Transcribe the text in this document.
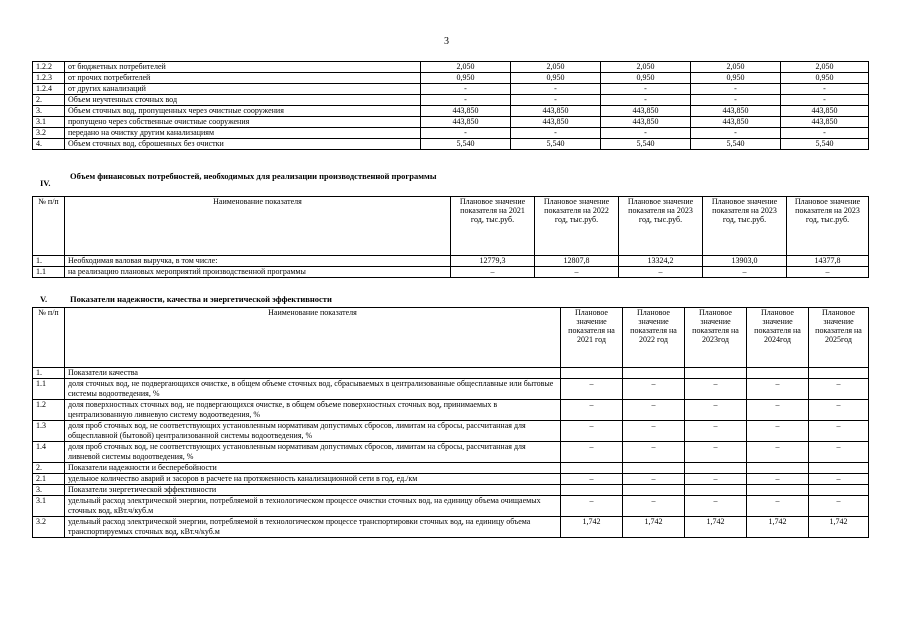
3
1.2.2	от бюджетных потребителей	2,050	2,050	2,050	2,050	2,050
1.2.3	от прочих потребителей	0,950	0,950	0,950	0,950	0,950
1.2.4	от других канализаций	-	-	-	-	-
2.	Объем неучтенных сточных вод	-	-	-	-	-
3.	Объем сточных вод, пропущенных через очистные сооружения	443,850	443,850	443,850	443,850	443,850
3.1	пропущено через собственные очистные сооружения	443,850	443,850	443,850	443,850	443,850
3.2	передано на очистку другим канализациям	-	-	-	-	-
4.	Объем сточных вод, сброшенных без очистки	5,540	5,540	5,540	5,540	5,540
IV.
Объем финансовых потребностей, необходимых для реализации производственной программы
№ п/п	Наименование показателя	Плановое значение показателя на 2021 год, тыс.руб.	Плановое значение показателя на 2022 год, тыс.руб.	Плановое значение показателя на 2023 год, тыс.руб.	Плановое значение показателя на 2023 год, тыс.руб.	Плановое значение показателя на 2023 год, тыс.руб.
1.	Необходимая валовая выручка, в том числе:	12779,3	12807,8	13324,2	13903,0	14377,8
1.1	на реализацию плановых мероприятий производственной программы	–	–	–	–	–
V.	Показатели надежности, качества и энергетической эффективности
№ п/п	Наименование показателя	Плановое значение показателя на 2021 год	Плановое значение показателя на 2022 год	Плановое значение показателя на 2023год	Плановое значение показателя на 2024год	Плановое значение показателя на 2025год
1.	Показатели качества					
1.1	доля сточных вод, не подвергающихся очистке, в общем объеме сточных вод, сбрасываемых в централизованные общесплавные или бытовые системы водоотведения, %	–	–	–	–	–
1.2	доля поверхностных сточных вод, не подвергающихся очистке, в общем объеме поверхностных сточных вод, принимаемых в централизованную ливневую систему водоотведения, %	–	–	–	–	–
1.3	доля проб сточных вод, не соответствующих установленным нормативам допустимых сбросов, лимитам на сбросы, рассчитанная для общесплавной (бытовой) централизованной системы водоотведения, %	–	–	–	–	–
1.4	доля проб сточных вод, не соответствующих установленным нормативам допустимых сбросов, лимитам на сбросы, рассчитанная для ливневой системы водоотведения, %	–	–	–	–	–
2.	Показатели надежности и бесперебойности					
2.1	удельное количество аварий и засоров в расчете на протяженность канализационной сети в год, ед./км	–	–	–	–	–
3.	Показатели энергетической эффективности					
3.1	удельный расход электрической энергии, потребляемой в технологическом процессе очистки сточных вод, на единицу объема очищаемых сточных вод, кВт.ч/куб.м	–	–	–	–	–
3.2	удельный расход электрической энергии, потребляемой в технологическом процессе транспортировки сточных вод, на единицу объема транспортируемых сточных вод, кВт.ч/куб.м	1,742	1,742	1,742	1,742	1,742
